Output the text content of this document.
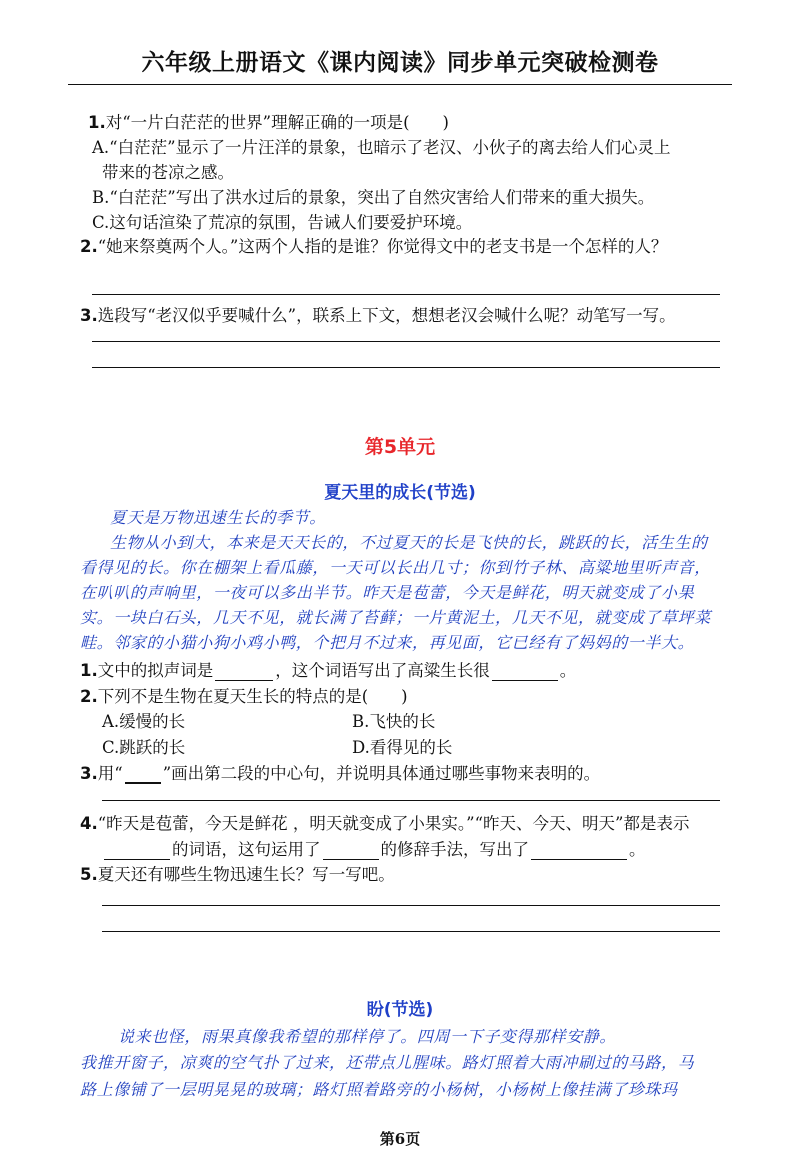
六年级上册语文《课内阅读》同步单元突破检测卷
1.对“一片白茫茫的世界”理解正确的一项是(　　)
A.“白茫茫”显示了一片汪洋的景象，也暗示了老汉、小伙子的离去给人们心灵上
带来的苍凉之感。
B.“白茫茫”写出了洪水过后的景象，突出了自然灾害给人们带来的重大损失。
C.这句话渲染了荒凉的氛围，告诫人们要爱护环境。
2.“她来祭奠两个人。”这两个人指的是谁？你觉得文中的老支书是一个怎样的人？
3.选段写“老汉似乎要喊什么”，联系上下文，想想老汉会喊什么呢？动笔写一写。
第5单元
夏天里的成长(节选)
夏天是万物迅速生长的季节。
生物从小到大，本来是天天长的，不过夏天的长是飞快的长，跳跃的长，活生生的
看得见的长。你在棚架上看瓜藤，一天可以长出几寸；你到竹子林、高粱地里听声音，
在叭叭的声响里，一夜可以多出半节。昨天是苞蕾，今天是鲜花，明天就变成了小果
实。一块白石头，几天不见，就长满了苔藓；一片黄泥土，几天不见，就变成了草坪菜
畦。邻家的小猫小狗小鸡小鸭，个把月不过来，再见面，它已经有了妈妈的一半大。
1.文中的拟声词是	，这个词语写出了高粱生长很	。
2.下列不是生物在夏天生长的特点的是(　　)
A.缓慢的长	B.飞快的长
C.跳跃的长	D.看得见的长
3.用“ ”画出第二段的中心句，并说明具体通过哪些事物来表明的。
4.“昨天是苞蕾，今天是鲜花 ，明天就变成了小果实。”“昨天、今天、明天”都是表示
的词语，这句运用了	的修辞手法，写出了	。
5.夏天还有哪些生物迅速生长？写一写吧。
盼(节选)
说来也怪，雨果真像我希望的那样停了。四周一下子变得那样安静。
我推开窗子，凉爽的空气扑了过来，还带点儿腥味。路灯照着大雨冲刷过的马路，马
路上像铺了一层明晃晃的玻璃；路灯照着路旁的小杨树，小杨树上像挂满了珍珠玛
第6页
